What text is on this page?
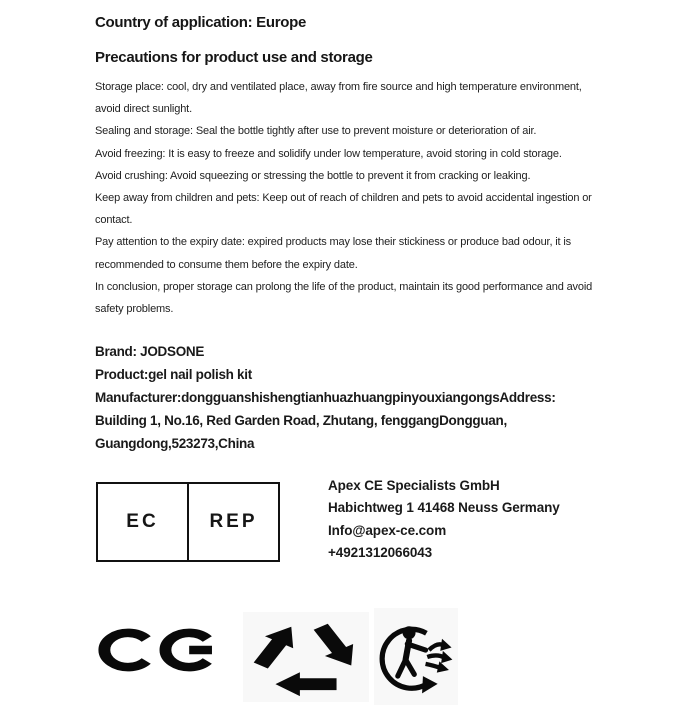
Country of application: Europe
Precautions for product use and storage
Storage place: cool, dry and ventilated place, away from fire source and high temperature environment,
avoid direct sunlight.
Sealing and storage: Seal the bottle tightly after use to prevent moisture or deterioration of air.
Avoid freezing: It is easy to freeze and solidify under low temperature, avoid storing in cold storage.
Avoid crushing: Avoid squeezing or stressing the bottle to prevent it from cracking or leaking.
Keep away from children and pets: Keep out of reach of children and pets to avoid accidental ingestion or
contact.
Pay attention to the expiry date: expired products may lose their stickiness or produce bad odour, it is
recommended to consume them before the expiry date.
In conclusion, proper storage can prolong the life of the product, maintain its good performance and avoid
safety problems.
Brand: JODSONE
Product:gel nail polish kit
Manufacturer:dongguanshishengtianhuazhuangpinyouxiangongsAddress:
Building 1, No.16, Red Garden Road, Zhutang, fenggangDongguan,
Guangdong,523273,China
EC	REP
Apex CE Specialists GmbH
Habichtweg 1 41468 Neuss Germany
Info@apex-ce.com
+4921312066043
